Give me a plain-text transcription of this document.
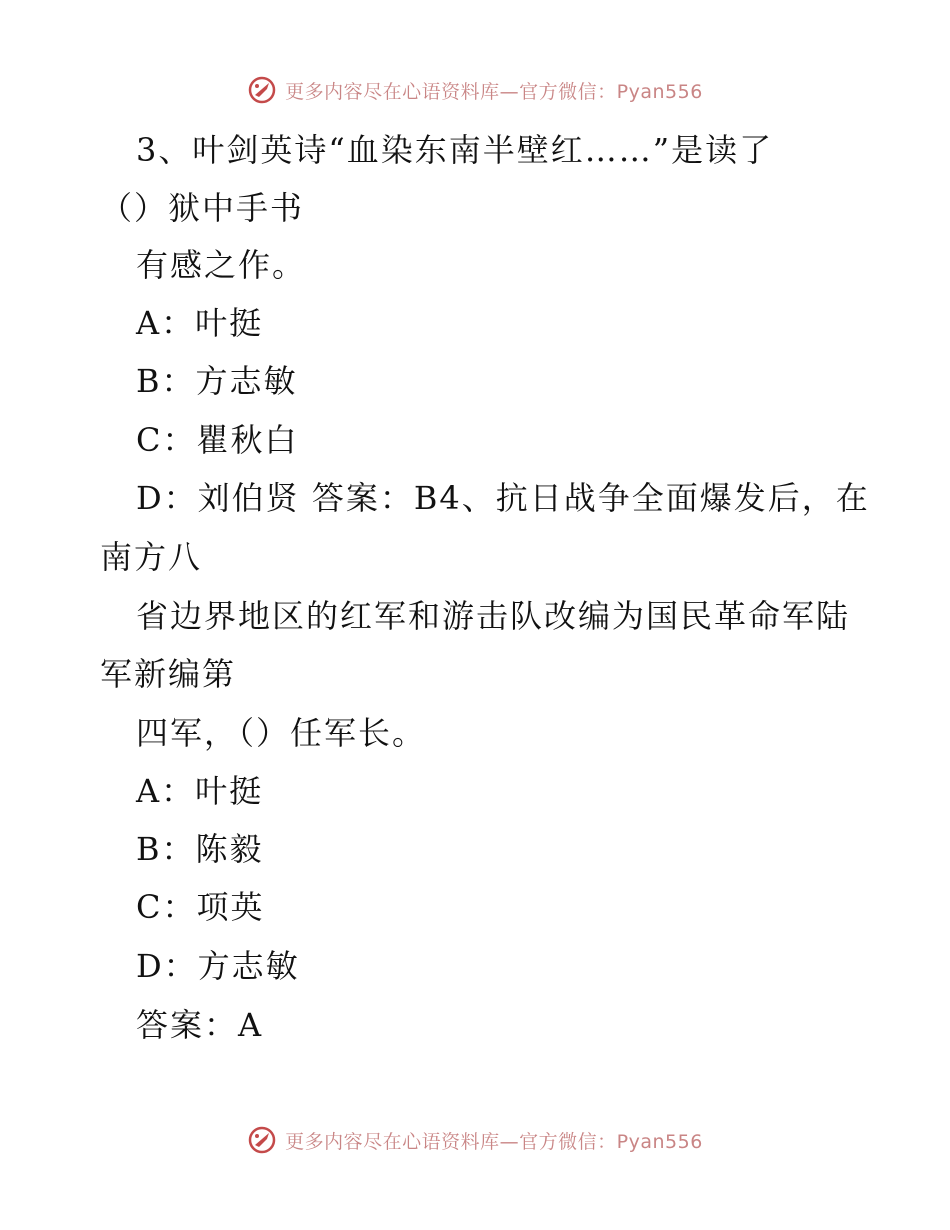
更多内容尽在心语资料库—官方微信：Pyan556
3、叶剑英诗“血染东南半壁红……”是读了
（）狱中手书
有感之作。
A：叶挺
B：方志敏
C：瞿秋白
D：刘伯贤 答案：B4、抗日战争全面爆发后，在
南方八
省边界地区的红军和游击队改编为国民革命军陆
军新编第
四军，（）任军长。
A：叶挺
B：陈毅
C：项英
D：方志敏
答案：A
更多内容尽在心语资料库—官方微信：Pyan556
